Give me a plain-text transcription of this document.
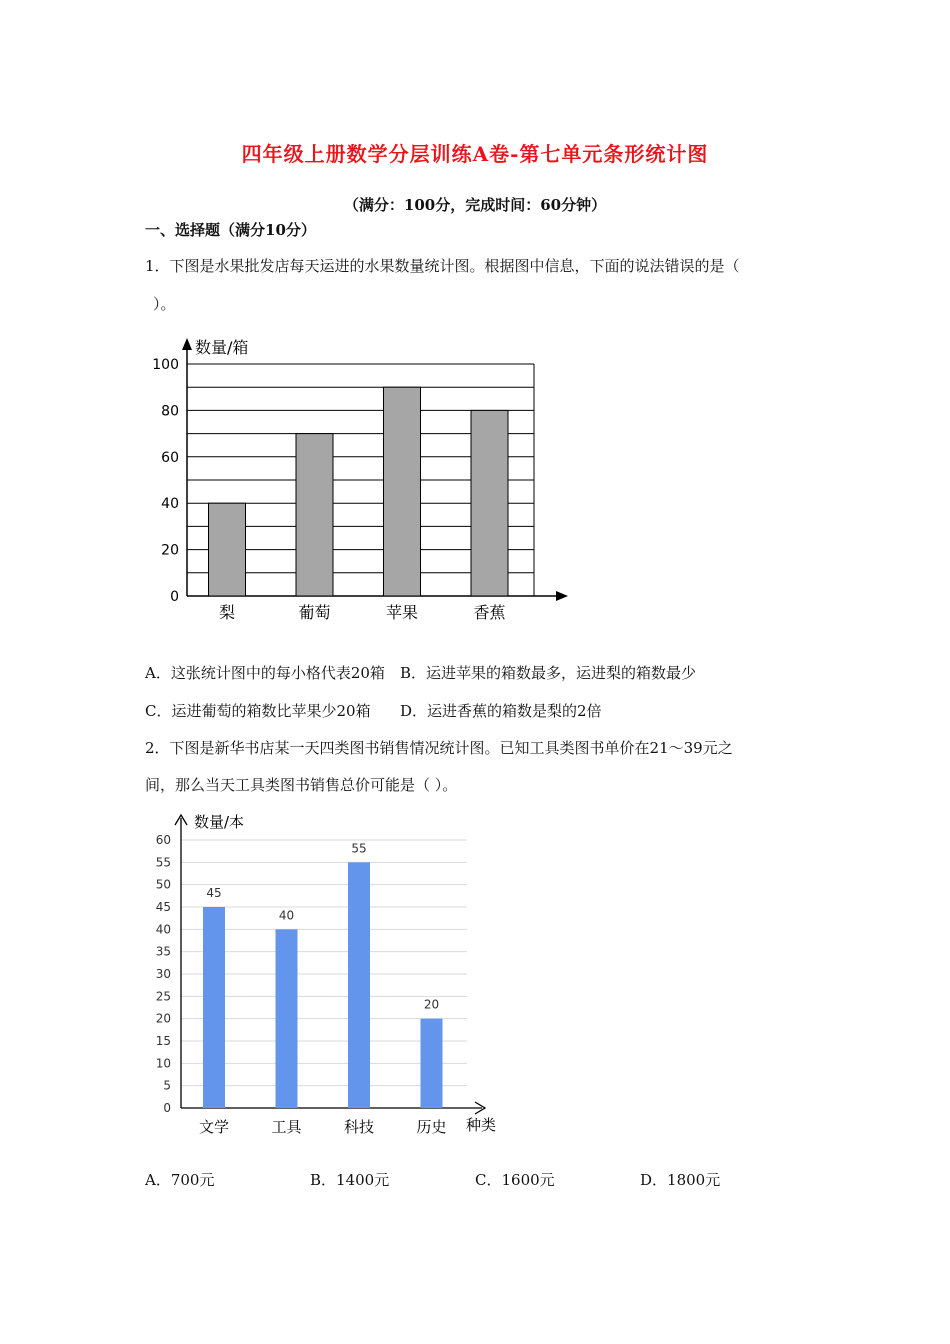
四年级上册数学分层训练A卷-第七单元条形统计图
（满分：100分，完成时间：60分钟）
一、选择题（满分10分）
1．下图是水果批发店每天运进的水果数量统计图。根据图中信息，下面的说法错误的是（
）。
0
20
40
60
80
100
数量/箱
梨	葡萄	苹果	香蕉
A．这张统计图中的每小格代表20箱 B．运进苹果的箱数最多，运进梨的箱数最少
C．运进葡萄的箱数比苹果少20箱 D．运进香蕉的箱数是梨的2倍
2．下图是新华书店某一天四类图书销售情况统计图。已知工具类图书单价在21～39元之
间，那么当天工具类图书销售总价可能是（ ）。
0
5
10
15
20
25
30
35
40
45
50
55
60
数量/本
种类
45
文学
40
工具
55
科技
20
历史
A．700元	B．1400元	C．1600元	D．1800元
